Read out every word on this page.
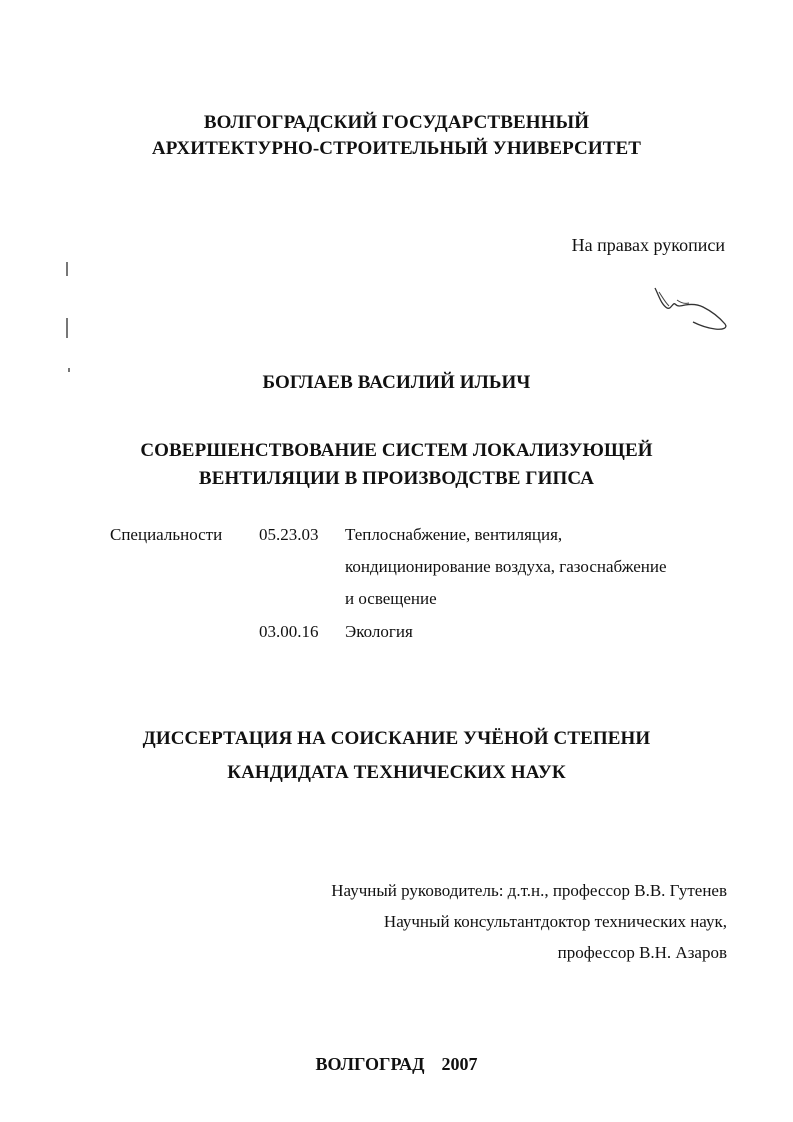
ВОЛГОГРАДСКИЙ ГОСУДАРСТВЕННЫЙ
АРХИТЕКТУРНО-СТРОИТЕЛЬНЫЙ УНИВЕРСИТЕТ
На правах рукописи
БОГЛАЕВ ВАСИЛИЙ ИЛЬИЧ
СОВЕРШЕНСТВОВАНИЕ СИСТЕМ ЛОКАЛИЗУЮЩЕЙ
ВЕНТИЛЯЦИИ В ПРОИЗВОДСТВЕ ГИПСА
Специальности 05.23.03 Теплоснабжение, вентиляция,
кондиционирование воздуха, газоснабжение
и освещение
03.00.16 Экология
ДИССЕРТАЦИЯ НА СОИСКАНИЕ УЧЁНОЙ СТЕПЕНИ
КАНДИДАТА ТЕХНИЧЕСКИХ НАУК
Научный руководитель: д.т.н., профессор В.В. Гутенев
Научный консультантдоктор технических наук,
профессор В.Н. Азаров
ВОЛГОГРАД  2007
